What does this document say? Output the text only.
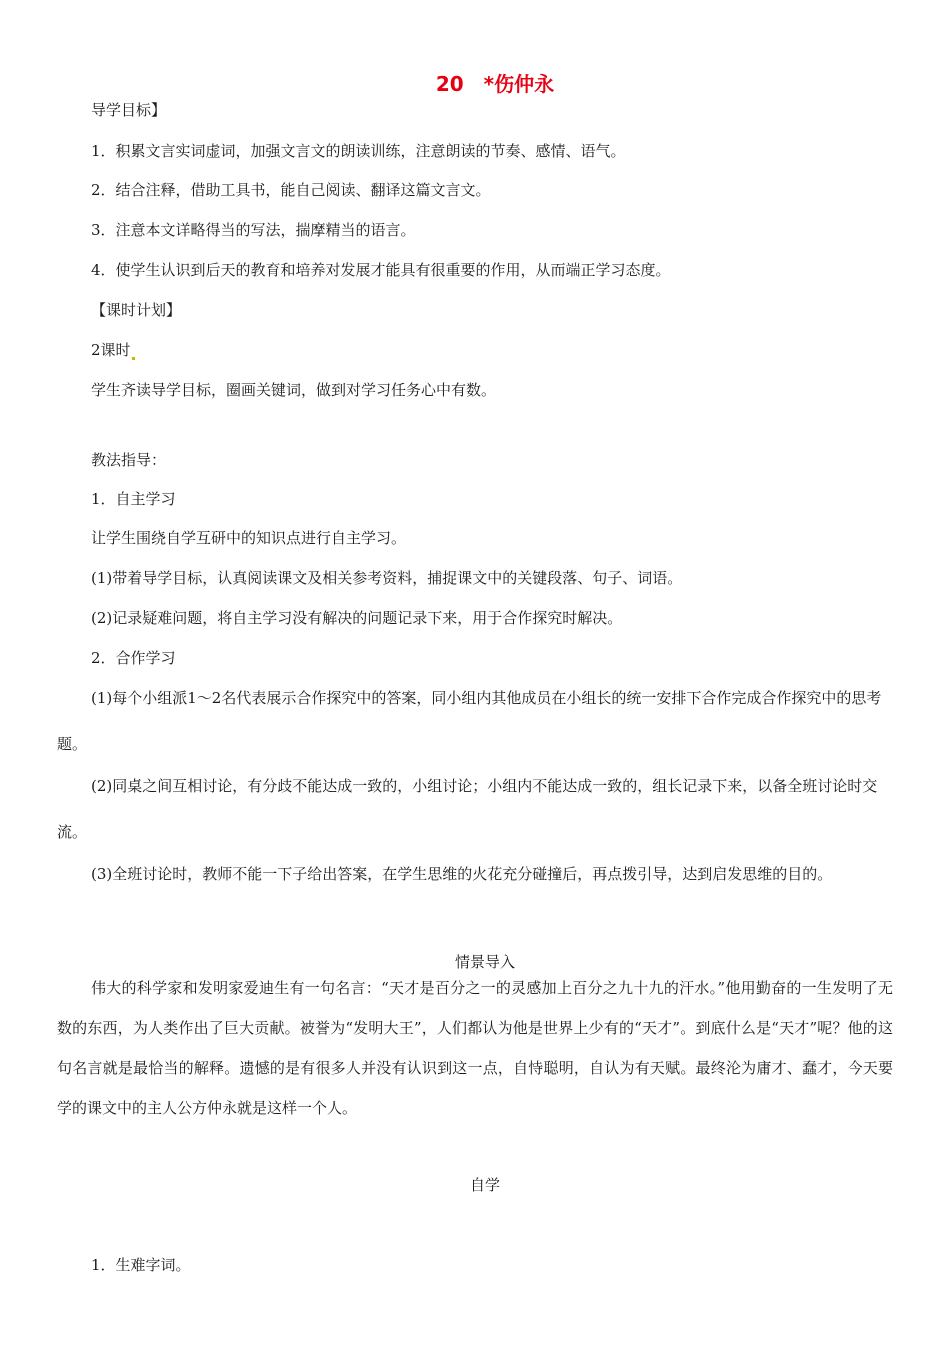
20　*伤仲永
导学目标】
1．积累文言实词虚词，加强文言文的朗读训练，注意朗读的节奏、感情、语气。
2．结合注释，借助工具书，能自己阅读、翻译这篇文言文。
3．注意本文详略得当的写法，揣摩精当的语言。
4．使学生认识到后天的教育和培养对发展才能具有很重要的作用，从而端正学习态度。
【课时计划】
2课时
学生齐读导学目标，圈画关键词，做到对学习任务心中有数。
教法指导：
1．自主学习
让学生围绕自学互研中的知识点进行自主学习。
(1)带着导学目标，认真阅读课文及相关参考资料，捕捉课文中的关键段落、句子、词语。
(2)记录疑难问题，将自主学习没有解决的问题记录下来，用于合作探究时解决。
2．合作学习
(1)每个小组派1～2名代表展示合作探究中的答案，同小组内其他成员在小组长的统一安排下合作完成合作探究中的思考题。
(2)同桌之间互相讨论，有分歧不能达成一致的，小组讨论；小组内不能达成一致的，组长记录下来，以备全班讨论时交流。
(3)全班讨论时，教师不能一下子给出答案，在学生思维的火花充分碰撞后，再点拨引导，达到启发思维的目的。
情景导入
伟大的科学家和发明家爱迪生有一句名言：“天才是百分之一的灵感加上百分之九十九的汗水。”他用勤奋的一生发明了无数的东西，为人类作出了巨大贡献。被誉为“发明大王”，人们都认为他是世界上少有的“天才”。到底什么是“天才”呢？他的这句名言就是最恰当的解释。遗憾的是有很多人并没有认识到这一点，自恃聪明，自认为有天赋。最终沦为庸才、蠢才，今天要学的课文中的主人公方仲永就是这样一个人。
自学
1．生难字词。
